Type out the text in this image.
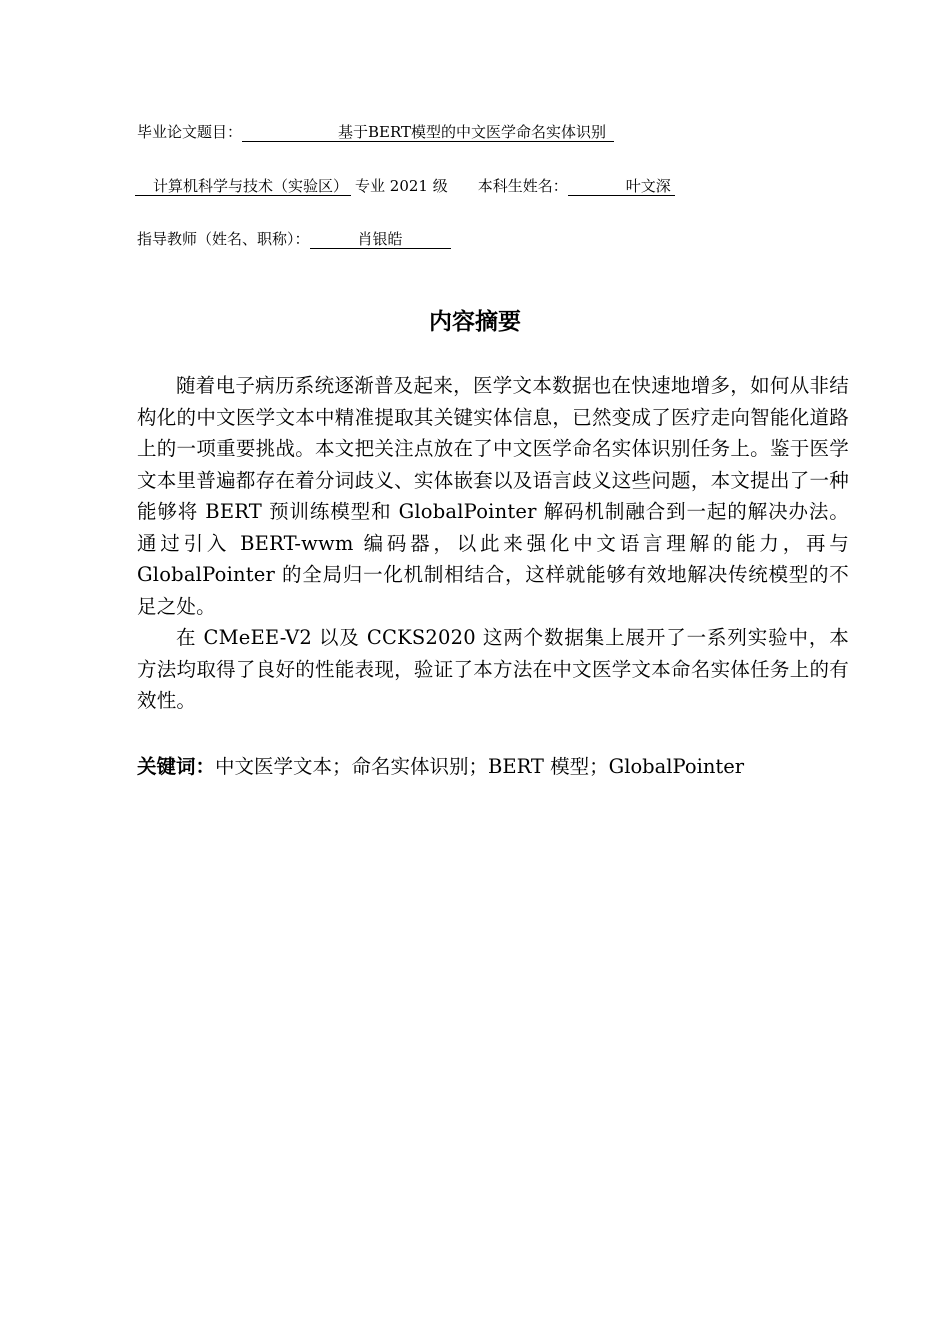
毕业论文题目：	基于BERT模型的中文医学命名实体识别
计算机科学与技术（实验区） 专业 2021 级 本科生姓名：	叶文深
指导教师（姓名、职称）：	肖银皓
内容摘要

随着电子病历系统逐渐普及起来，医学文本数据也在快速地增多，如何从非结构化的中文医学文本中精准提取其关键实体信息，已然变成了医疗走向智能化道路上的一项重要挑战。本文把关注点放在了中文医学命名实体识别任务上。鉴于医学文本里普遍都存在着分词歧义、实体嵌套以及语言歧义这些问题，本文提出了一种能够将 BERT 预训练模型和 GlobalPointer 解码机制融合到一起的解决办法。通过引入 BERT-wwm 编码器，以此来强化中文语言理解的能力，再与 GlobalPointer 的全局归一化机制相结合，这样就能够有效地解决传统模型的不足之处。

在 CMeEE-V2 以及 CCKS2020 这两个数据集上展开了一系列实验中，本方法均取得了良好的性能表现，验证了本方法在中文医学文本命名实体任务上的有效性。

关键词：中文医学文本；命名实体识别；BERT 模型；GlobalPointer
